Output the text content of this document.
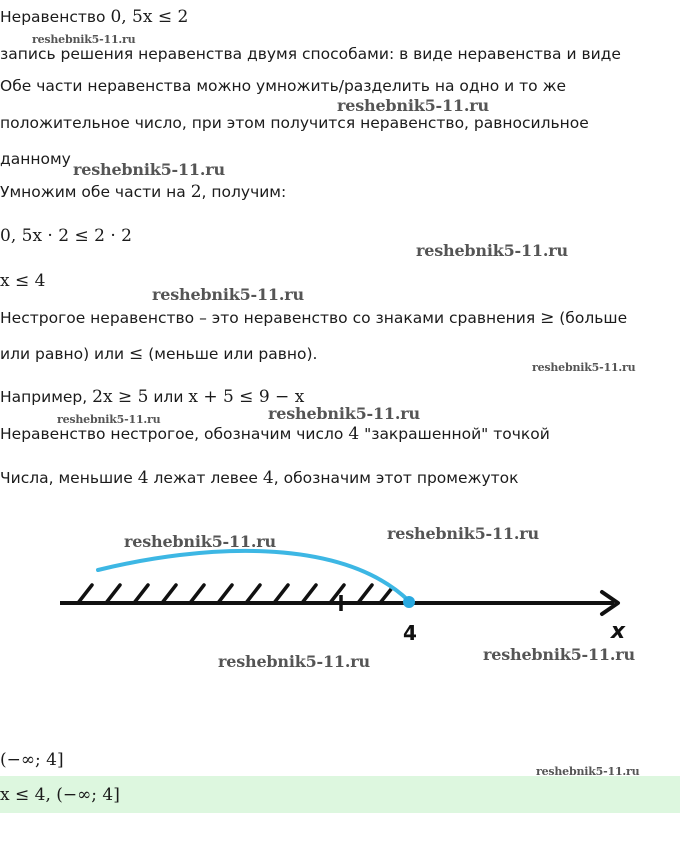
Неравенство 0, 5x ≤ 2
запись решения неравенства двумя способами: в виде неравенства и виде
Обе части неравенства можно умножить/разделить на одно и то же
положительное число, при этом получится неравенство, равносильное
данному
Умножим обе части на 2, получим:
0, 5x · 2 ≤ 2 · 2
x ≤ 4
Нестрогое неравенство – это неравенство со знаками сравнения ≥ (больше
или равно) или ≤ (меньше или равно).
Например, 2x ≥ 5 или x + 5 ≤ 9 − x
Неравенство нестрогое, обозначим число 4 "закрашенной" точкой
Числа, меньшие 4 лежат левее 4, обозначим этот промежуток
4	x
(−∞; 4]
x ≤ 4, (−∞; 4]
reshebnik5-11.ru
reshebnik5-11.ru
reshebnik5-11.ru
reshebnik5-11.ru
reshebnik5-11.ru
reshebnik5-11.ru
reshebnik5-11.ru	reshebnik5-11.ru
reshebnik5-11.ru	reshebnik5-11.ru
reshebnik5-11.ru	reshebnik5-11.ru
reshebnik5-11.ru
